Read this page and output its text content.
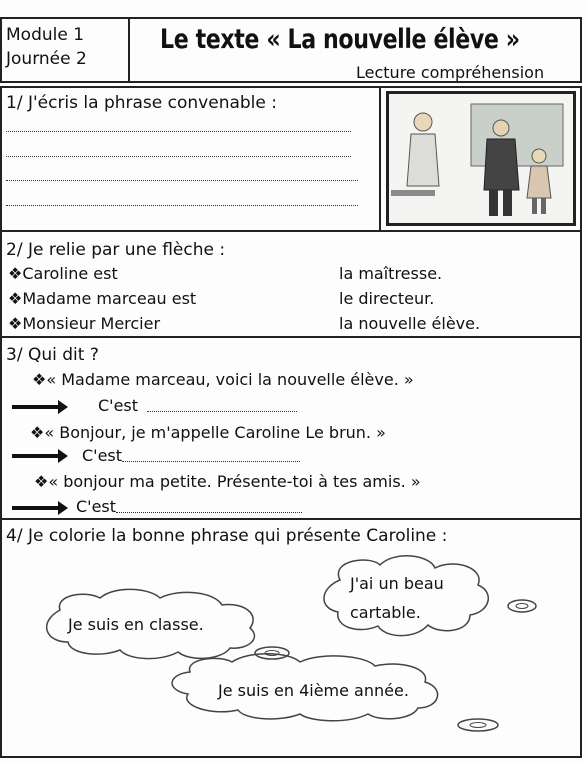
Module 1
Journée 2
Le texte « La nouvelle élève »
Lecture compréhension
1/ J'écris la phrase convenable :
2/ Je relie par une flèche :
❖Caroline est
❖Madame marceau est
❖Monsieur Mercier
la maîtresse.
le directeur.
la nouvelle élève.
3/ Qui dit ?
❖« Madame marceau, voici la nouvelle élève. »
C'est
❖« Bonjour, je m'appelle Caroline Le brun. »
C'est
❖« bonjour ma petite. Présente-toi à tes amis. »
C'est
4/ Je colorie la bonne phrase qui présente Caroline :
J'ai un beau
cartable.
Je suis en classe.
Je suis en 4ième année.
